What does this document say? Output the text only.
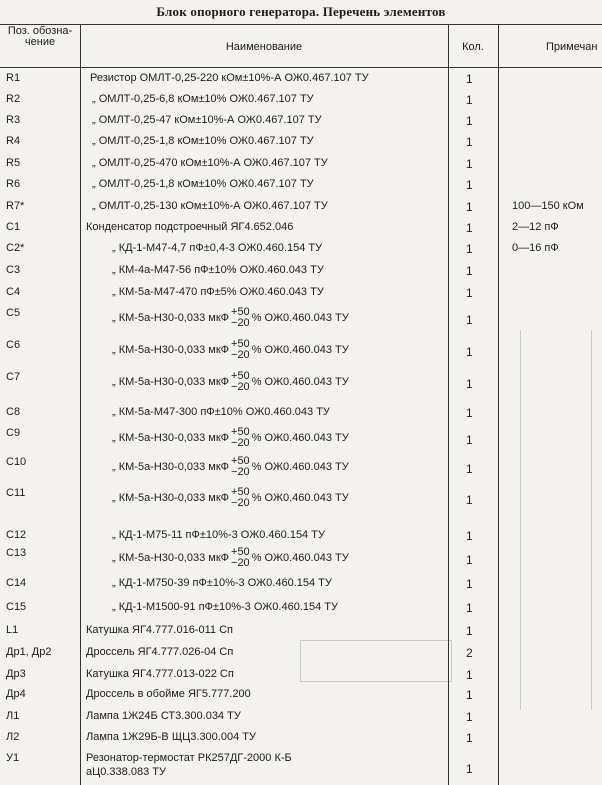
Блок опорного генератора. Перечень элементов
Поз. обозна-чение	Наименование	Кол.	Примечан
R1	Резистор ОМЛТ-0,25-220 кОм±10%-А ОЖ0.467.107 ТУ	1
R2	„ ОМЛТ-0,25-6,8 кОм±10% ОЖ0.467.107 ТУ	1
R3	„ ОМЛТ-0,25-47 кОм±10%-А ОЖ0.467.107 ТУ	1
R4	„ ОМЛТ-0,25-1,8 кОм±10% ОЖ0.467.107 ТУ	1
R5	„ ОМЛТ-0,25-470 кОм±10%-А ОЖ0.467.107 ТУ	1
R6	„ ОМЛТ-0,25-1,8 кОм±10% ОЖ0.467.107 ТУ	1
R7*	„ ОМЛТ-0,25-130 кОм±10%-А ОЖ0.467.107 ТУ	1	100—150 кОм
C1	Конденсатор подстроечный ЯГ4.652.046	1	2—12 пФ
C2*	„ КД-1-М47-4,7 пФ±0,4-3 ОЖ0.460.154 ТУ	1	0—16 пФ
C3	„ КМ-4а-М47-56 пФ±10% ОЖ0.460.043 ТУ	1
C4	„ КМ-5а-М47-470 пФ±5% ОЖ0.460.043 ТУ	1
C5	„ КМ-5а-Н30-0,033 мкФ +50
−20 % ОЖ0.460.043 ТУ	1
C6	„ КМ-5а-Н30-0,033 мкФ +50
−20 % ОЖ0.460.043 ТУ	1
C7	„ КМ-5а-Н30-0,033 мкФ +50
−20 % ОЖ0.460.043 ТУ	1
C8	„ КМ-5а-М47-300 пФ±10% ОЖ0.460.043 ТУ	1
C9	„ КМ-5а-Н30-0,033 мкФ +50
−20 % ОЖ0.460.043 ТУ	1
C10	„ КМ-5а-Н30-0,033 мкФ +50
−20 % ОЖ0.460.043 ТУ	1
C11	„ КМ-5а-Н30-0,033 мкФ +50
−20 % ОЖ0.460.043 ТУ	1
C12	„ КД-1-М75-11 пФ±10%-3 ОЖ0.460.154 ТУ	1
C13	„ КМ-5а-Н30-0,033 мкФ +50
−20 % ОЖ0.460.043 ТУ	1
C14	„ КД-1-М750-39 пФ±10%-3 ОЖ0.460.154 ТУ	1
C15	„ КД-1-М1500-91 пФ±10%-3 ОЖ0.460.154 ТУ	1
L1	Катушка ЯГ4.777.016-011 Сп	1
Др1, Др2	Дроссель ЯГ4.777.026-04 Сп	2
Др3	Катушка ЯГ4.777.013-022 Сп	1
Др4	Дроссель в обойме ЯГ5.777.200	1
Л1	Лампа 1Ж24Б СТ3.300.034 ТУ	1
Л2	Лампа 1Ж29Б-В ЩЦ3.300.004 ТУ	1
У1	Резонатор-термостат РК257ДГ-2000 К-Б
аЦ0.338.083 ТУ	1
